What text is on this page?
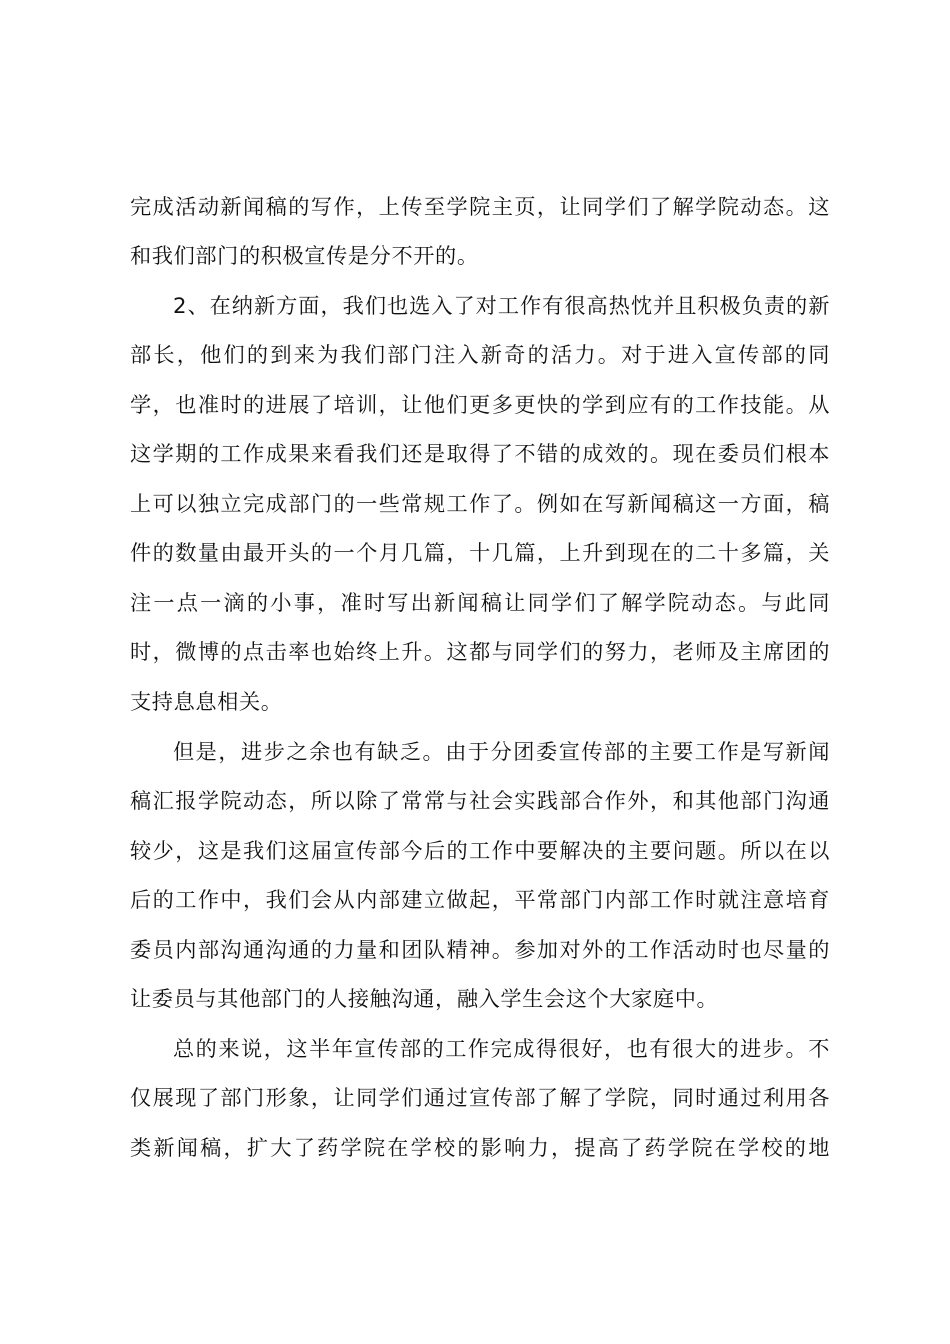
完成活动新闻稿的写作，上传至学院主页，让同学们了解学院动态。这
和我们部门的积极宣传是分不开的。
2、在纳新方面，我们也选入了对工作有很高热忱并且积极负责的新
部长，他们的到来为我们部门注入新奇的活力。对于进入宣传部的同
学，也准时的进展了培训，让他们更多更快的学到应有的工作技能。从
这学期的工作成果来看我们还是取得了不错的成效的。现在委员们根本
上可以独立完成部门的一些常规工作了。例如在写新闻稿这一方面，稿
件的数量由最开头的一个月几篇，十几篇，上升到现在的二十多篇，关
注一点一滴的小事，准时写出新闻稿让同学们了解学院动态。与此同
时，微博的点击率也始终上升。这都与同学们的努力，老师及主席团的
支持息息相关。
但是，进步之余也有缺乏。由于分团委宣传部的主要工作是写新闻
稿汇报学院动态，所以除了常常与社会实践部合作外，和其他部门沟通
较少，这是我们这届宣传部今后的工作中要解决的主要问题。所以在以
后的工作中，我们会从内部建立做起，平常部门内部工作时就注意培育
委员内部沟通沟通的力量和团队精神。参加对外的工作活动时也尽量的
让委员与其他部门的人接触沟通，融入学生会这个大家庭中。
总的来说，这半年宣传部的工作完成得很好，也有很大的进步。不
仅展现了部门形象，让同学们通过宣传部了解了学院，同时通过利用各
类新闻稿，扩大了药学院在学校的影响力，提高了药学院在学校的地
